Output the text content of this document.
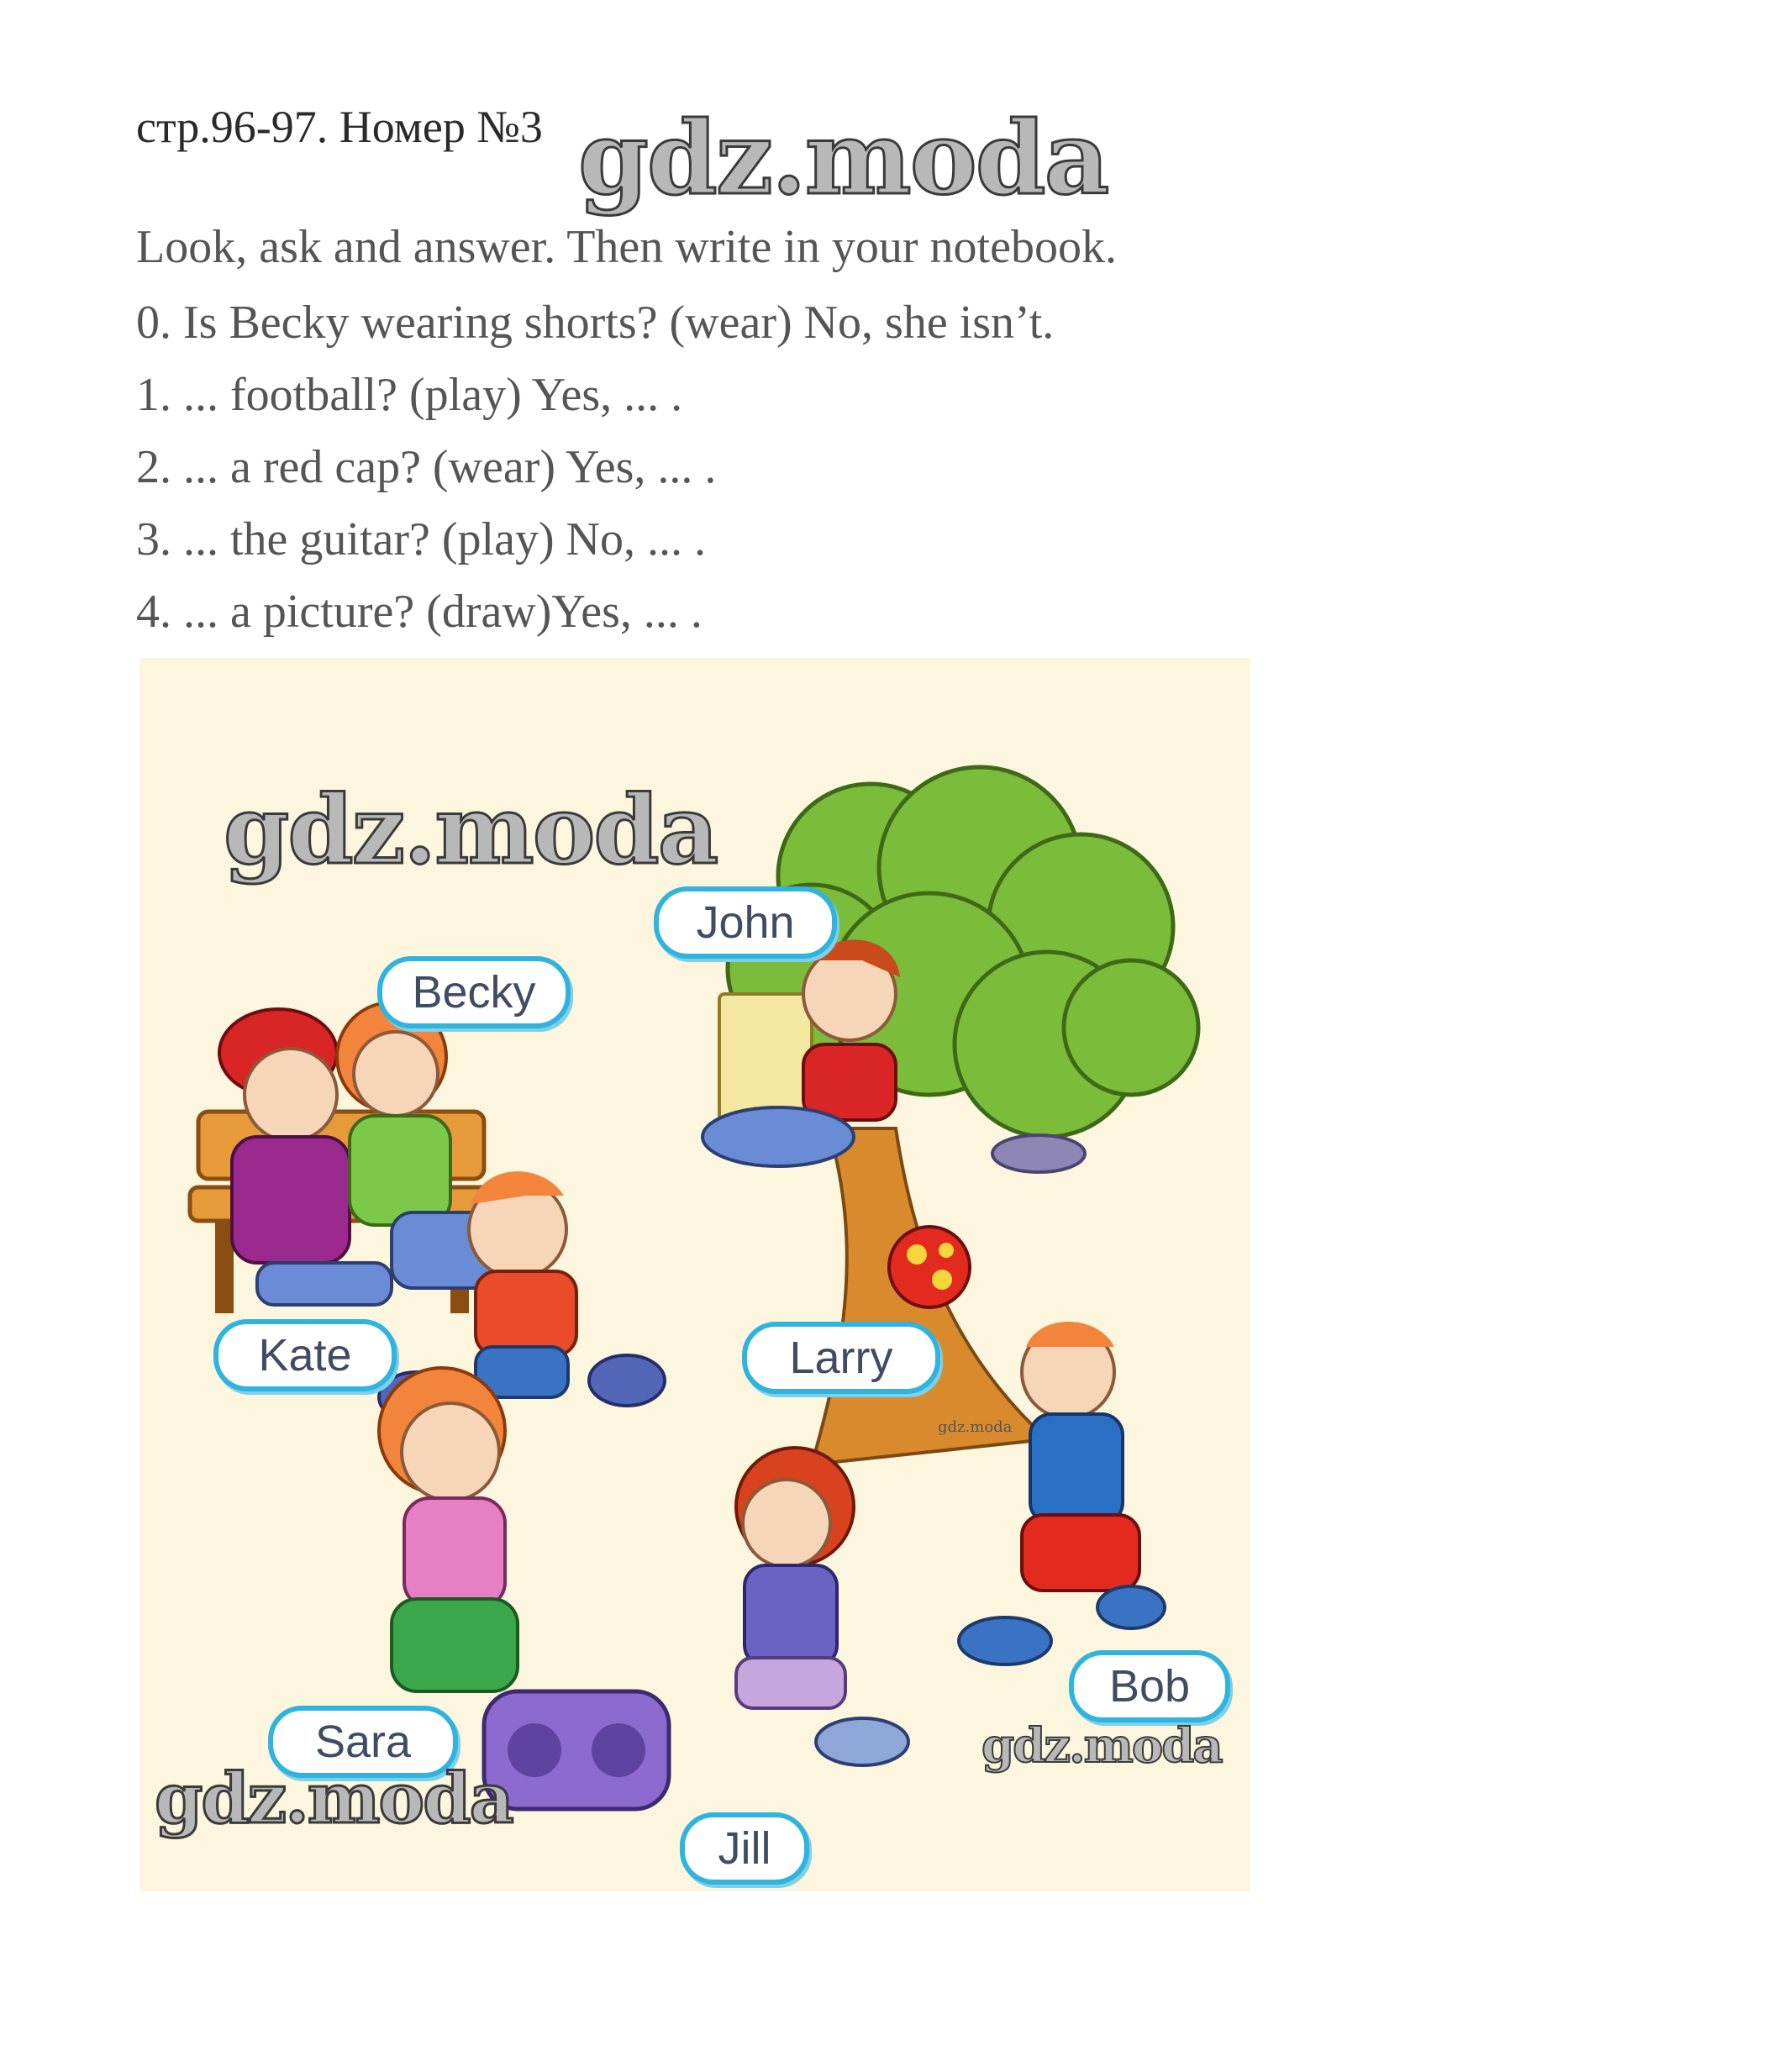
стр.96-97. Номер №3 gdz.moda
Look, ask and answer. Then write in your notebook.
0. Is Becky wearing shorts? (wear) No, she isn’t.
1. ... football? (play) Yes, ... .
2. ... a red cap? (wear) Yes, ... .
3. ... the guitar? (play) No, ... .
4. ... a picture? (draw)Yes, ... .
John
Becky
Kate	Larry
Bob
Sara
Jill
gdz.moda
gdz.moda
gdz.moda
gdz.moda
